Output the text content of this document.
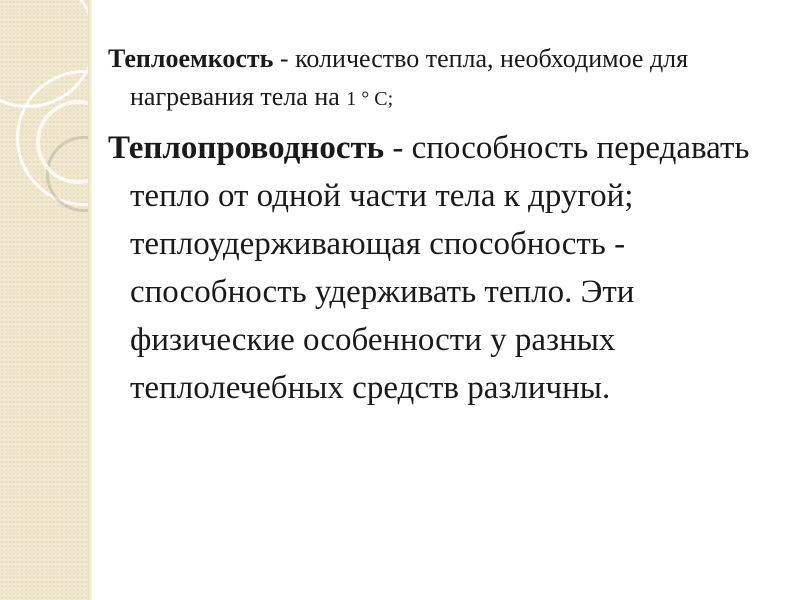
Теплоемкость - количество тепла, необходимое для нагревания тела на 1 ° С;

Теплопроводность - способность передавать тепло от одной части тела к другой; теплоудерживающая способность - способность удерживать тепло. Эти физические особенности у разных теплолечебных средств различны.
